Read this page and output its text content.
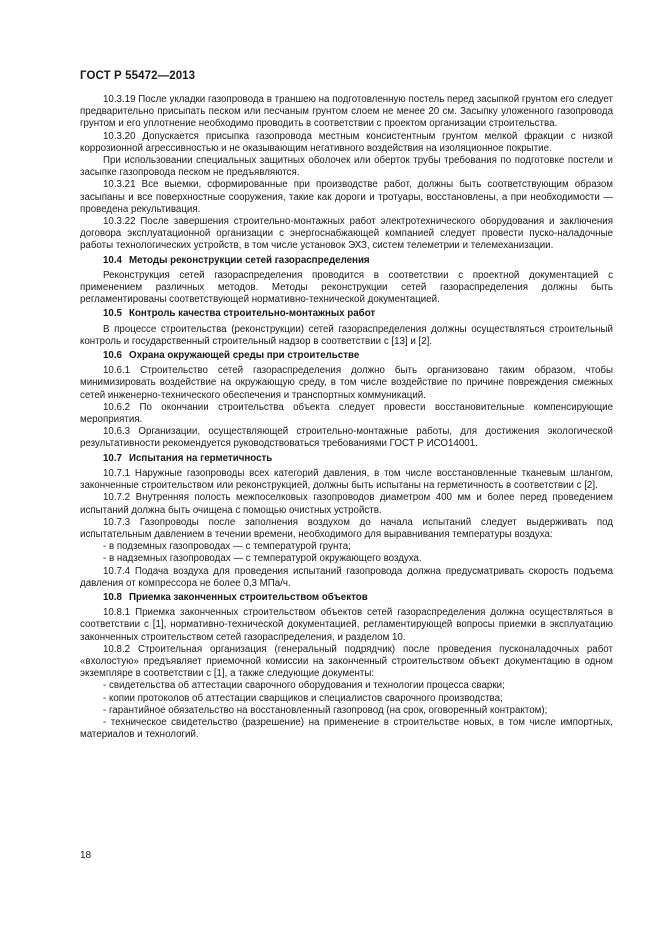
ГОСТ Р 55472—2013

10.3.19 После укладки газопровода в траншею на подготовленную постель перед засыпкой грунтом его следует предварительно присыпать песком или песчаным грунтом слоем не менее 20 см. Засыпку уложенного газопровода грунтом и его уплотнение необходимо проводить в соответствии с проектом организации строительства.

10.3.20 Допускается присыпка газопровода местным консистентным грунтом мелкой фракции с низкой коррозионной агрессивностью и не оказывающим негативного воздействия на изоляционное покрытие.

При использовании специальных защитных оболочек или оберток трубы требования по подготовке постели и засыпке газопровода песком не предъявляются.

10.3.21 Все выемки, сформированные при производстве работ, должны быть соответствующим образом засыпаны и все поверхностные сооружения, такие как дороги и тротуары, восстановлены, а при необходимости — проведена рекультивация.

10.3.22 После завершения строительно-монтажных работ электротехнического оборудования и заключения договора эксплуатационной организации с энергоснабжающей компанией следует провести пуско-наладочные работы технологических устройств, в том числе установок ЭХЗ, систем телеметрии и телемеханизации.

10.4 Методы реконструкции сетей газораспределения

Реконструкция сетей газораспределения проводится в соответствии с проектной документацией с применением различных методов. Методы реконструкции сетей газораспределения должны быть регламентированы соответствующей нормативно-технической документацией.

10.5 Контроль качества строительно-монтажных работ

В процессе строительства (реконструкции) сетей газораспределения должны осуществляться строительный контроль и государственный строительный надзор в соответствии с [13] и [2].

10.6 Охрана окружающей среды при строительстве

10.6.1 Строительство сетей газораспределения должно быть организовано таким образом, чтобы минимизировать воздействие на окружающую среду, в том числе воздействие по причине повреждения смежных сетей инженерно-технического обеспечения и транспортных коммуникаций.

10.6.2 По окончании строительства объекта следует провести восстановительные компенсирующие мероприятия.

10.6.3 Организации, осуществляющей строительно-монтажные работы, для достижения экологической результативности рекомендуется руководствоваться требованиями ГОСТ Р ИСО14001.

10.7 Испытания на герметичность

10.7.1 Наружные газопроводы всех категорий давления, в том числе восстановленные тканевым шлангом, законченные строительством или реконструкцией, должны быть испытаны на герметичность в соответствии с [2].

10.7.2 Внутренняя полость межпоселковых газопроводов диаметром 400 мм и более перед проведением испытаний должна быть очищена с помощью очистных устройств.

10.7.3 Газопроводы после заполнения воздухом до начала испытаний следует выдерживать под испытательным давлением в течении времени, необходимого для выравнивания температуры воздуха:

- в подземных газопроводах — с температурой грунта;

- в надземных газопроводах — с температурой окружающего воздуха.

10.7.4 Подача воздуха для проведения испытаний газопровода должна предусматривать скорость подъема давления от компрессора не более 0,3 МПа/ч.

10.8 Приемка законченных строительством объектов

10.8.1 Приемка законченных строительством объектов сетей газораспределения должна осуществляться в соответствии с [1], нормативно-технической документацией, регламентирующей вопросы приемки в эксплуатацию законченных строительством сетей газораспределения, и разделом 10.

10.8.2 Строительная организация (генеральный подрядчик) после проведения пусконаладочных работ «вхолостую» предъявляет приемочной комиссии на законченный строительством объект документацию в одном экземпляре в соответствии с [1], а также следующие документы:

- свидетельства об аттестации сварочного оборудования и технологии процесса сварки;

- копии протоколов об аттестации сварщиков и специалистов сварочного производства;

- гарантийное обязательство на восстановленный газопровод (на срок, оговоренный контрактом);

- техническое свидетельство (разрешение) на применение в строительстве новых, в том числе импортных, материалов и технологий.

18
